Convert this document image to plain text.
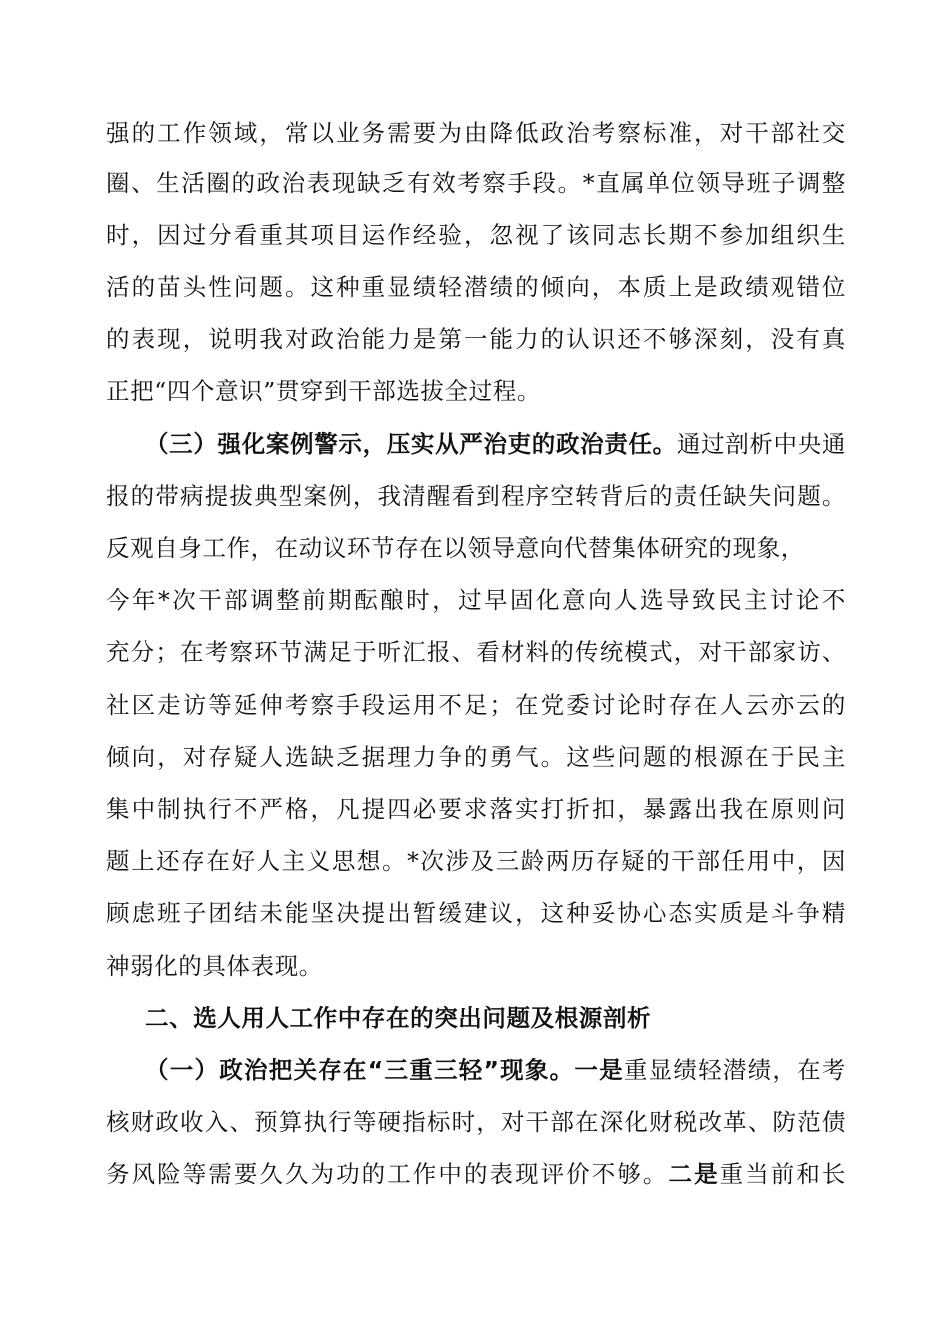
强的工作领域，常以业务需要为由降低政治考察标准，对干部社交
圈、生活圈的政治表现缺乏有效考察手段。*直属单位领导班子调整
时，因过分看重其项目运作经验，忽视了该同志长期不参加组织生
活的苗头性问题。这种重显绩轻潜绩的倾向，本质上是政绩观错位
的表现，说明我对政治能力是第一能力的认识还不够深刻，没有真
正把“四个意识”贯穿到干部选拔全过程。
（三）强化案例警示，压实从严治吏的政治责任。通过剖析中央通
报的带病提拔典型案例，我清醒看到程序空转背后的责任缺失问题。
反观自身工作，在动议环节存在以领导意向代替集体研究的现象，
今年*次干部调整前期酝酿时，过早固化意向人选导致民主讨论不
充分；在考察环节满足于听汇报、看材料的传统模式，对干部家访、
社区走访等延伸考察手段运用不足；在党委讨论时存在人云亦云的
倾向，对存疑人选缺乏据理力争的勇气。这些问题的根源在于民主
集中制执行不严格，凡提四必要求落实打折扣，暴露出我在原则问
题上还存在好人主义思想。*次涉及三龄两历存疑的干部任用中，因
顾虑班子团结未能坚决提出暂缓建议，这种妥协心态实质是斗争精
神弱化的具体表现。
二、选人用人工作中存在的突出问题及根源剖析
（一）政治把关存在“三重三轻”现象。一是重显绩轻潜绩，在考
核财政收入、预算执行等硬指标时，对干部在深化财税改革、防范债
务风险等需要久久为功的工作中的表现评价不够。二是重当前和长
